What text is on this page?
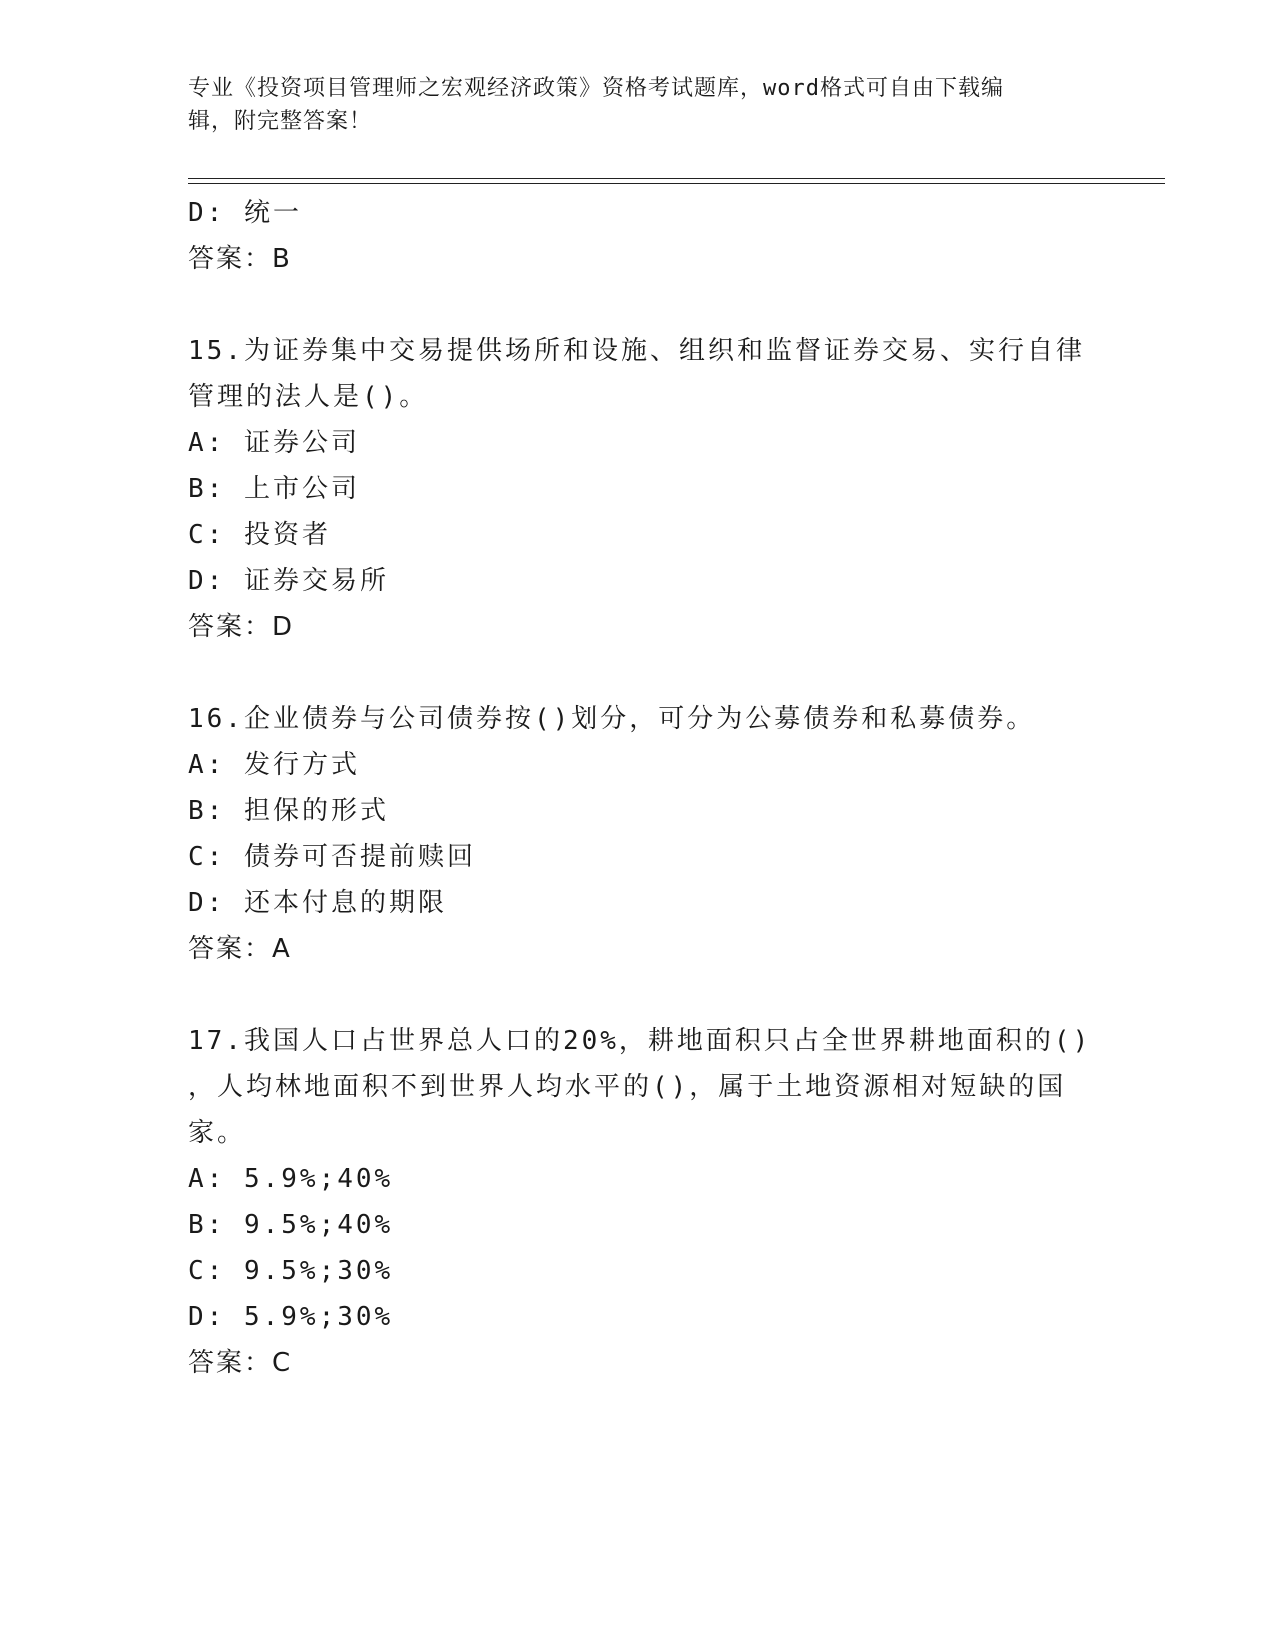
专业《投资项目管理师之宏观经济政策》资格考试题库，word格式可自由下载编
辑，附完整答案！
D: 统一
答案：B
15.为证券集中交易提供场所和设施、组织和监督证券交易、实行自律
管理的法人是()。
A: 证券公司
B: 上市公司
C: 投资者
D: 证券交易所
答案：D
16.企业债券与公司债券按()划分，可分为公募债券和私募债券。
A: 发行方式
B: 担保的形式
C: 债券可否提前赎回
D: 还本付息的期限
答案：A
17.我国人口占世界总人口的20%，耕地面积只占全世界耕地面积的()
，人均林地面积不到世界人均水平的()，属于土地资源相对短缺的国
家。
A: 5.9%;40%
B: 9.5%;40%
C: 9.5%;30%
D: 5.9%;30%
答案：C
